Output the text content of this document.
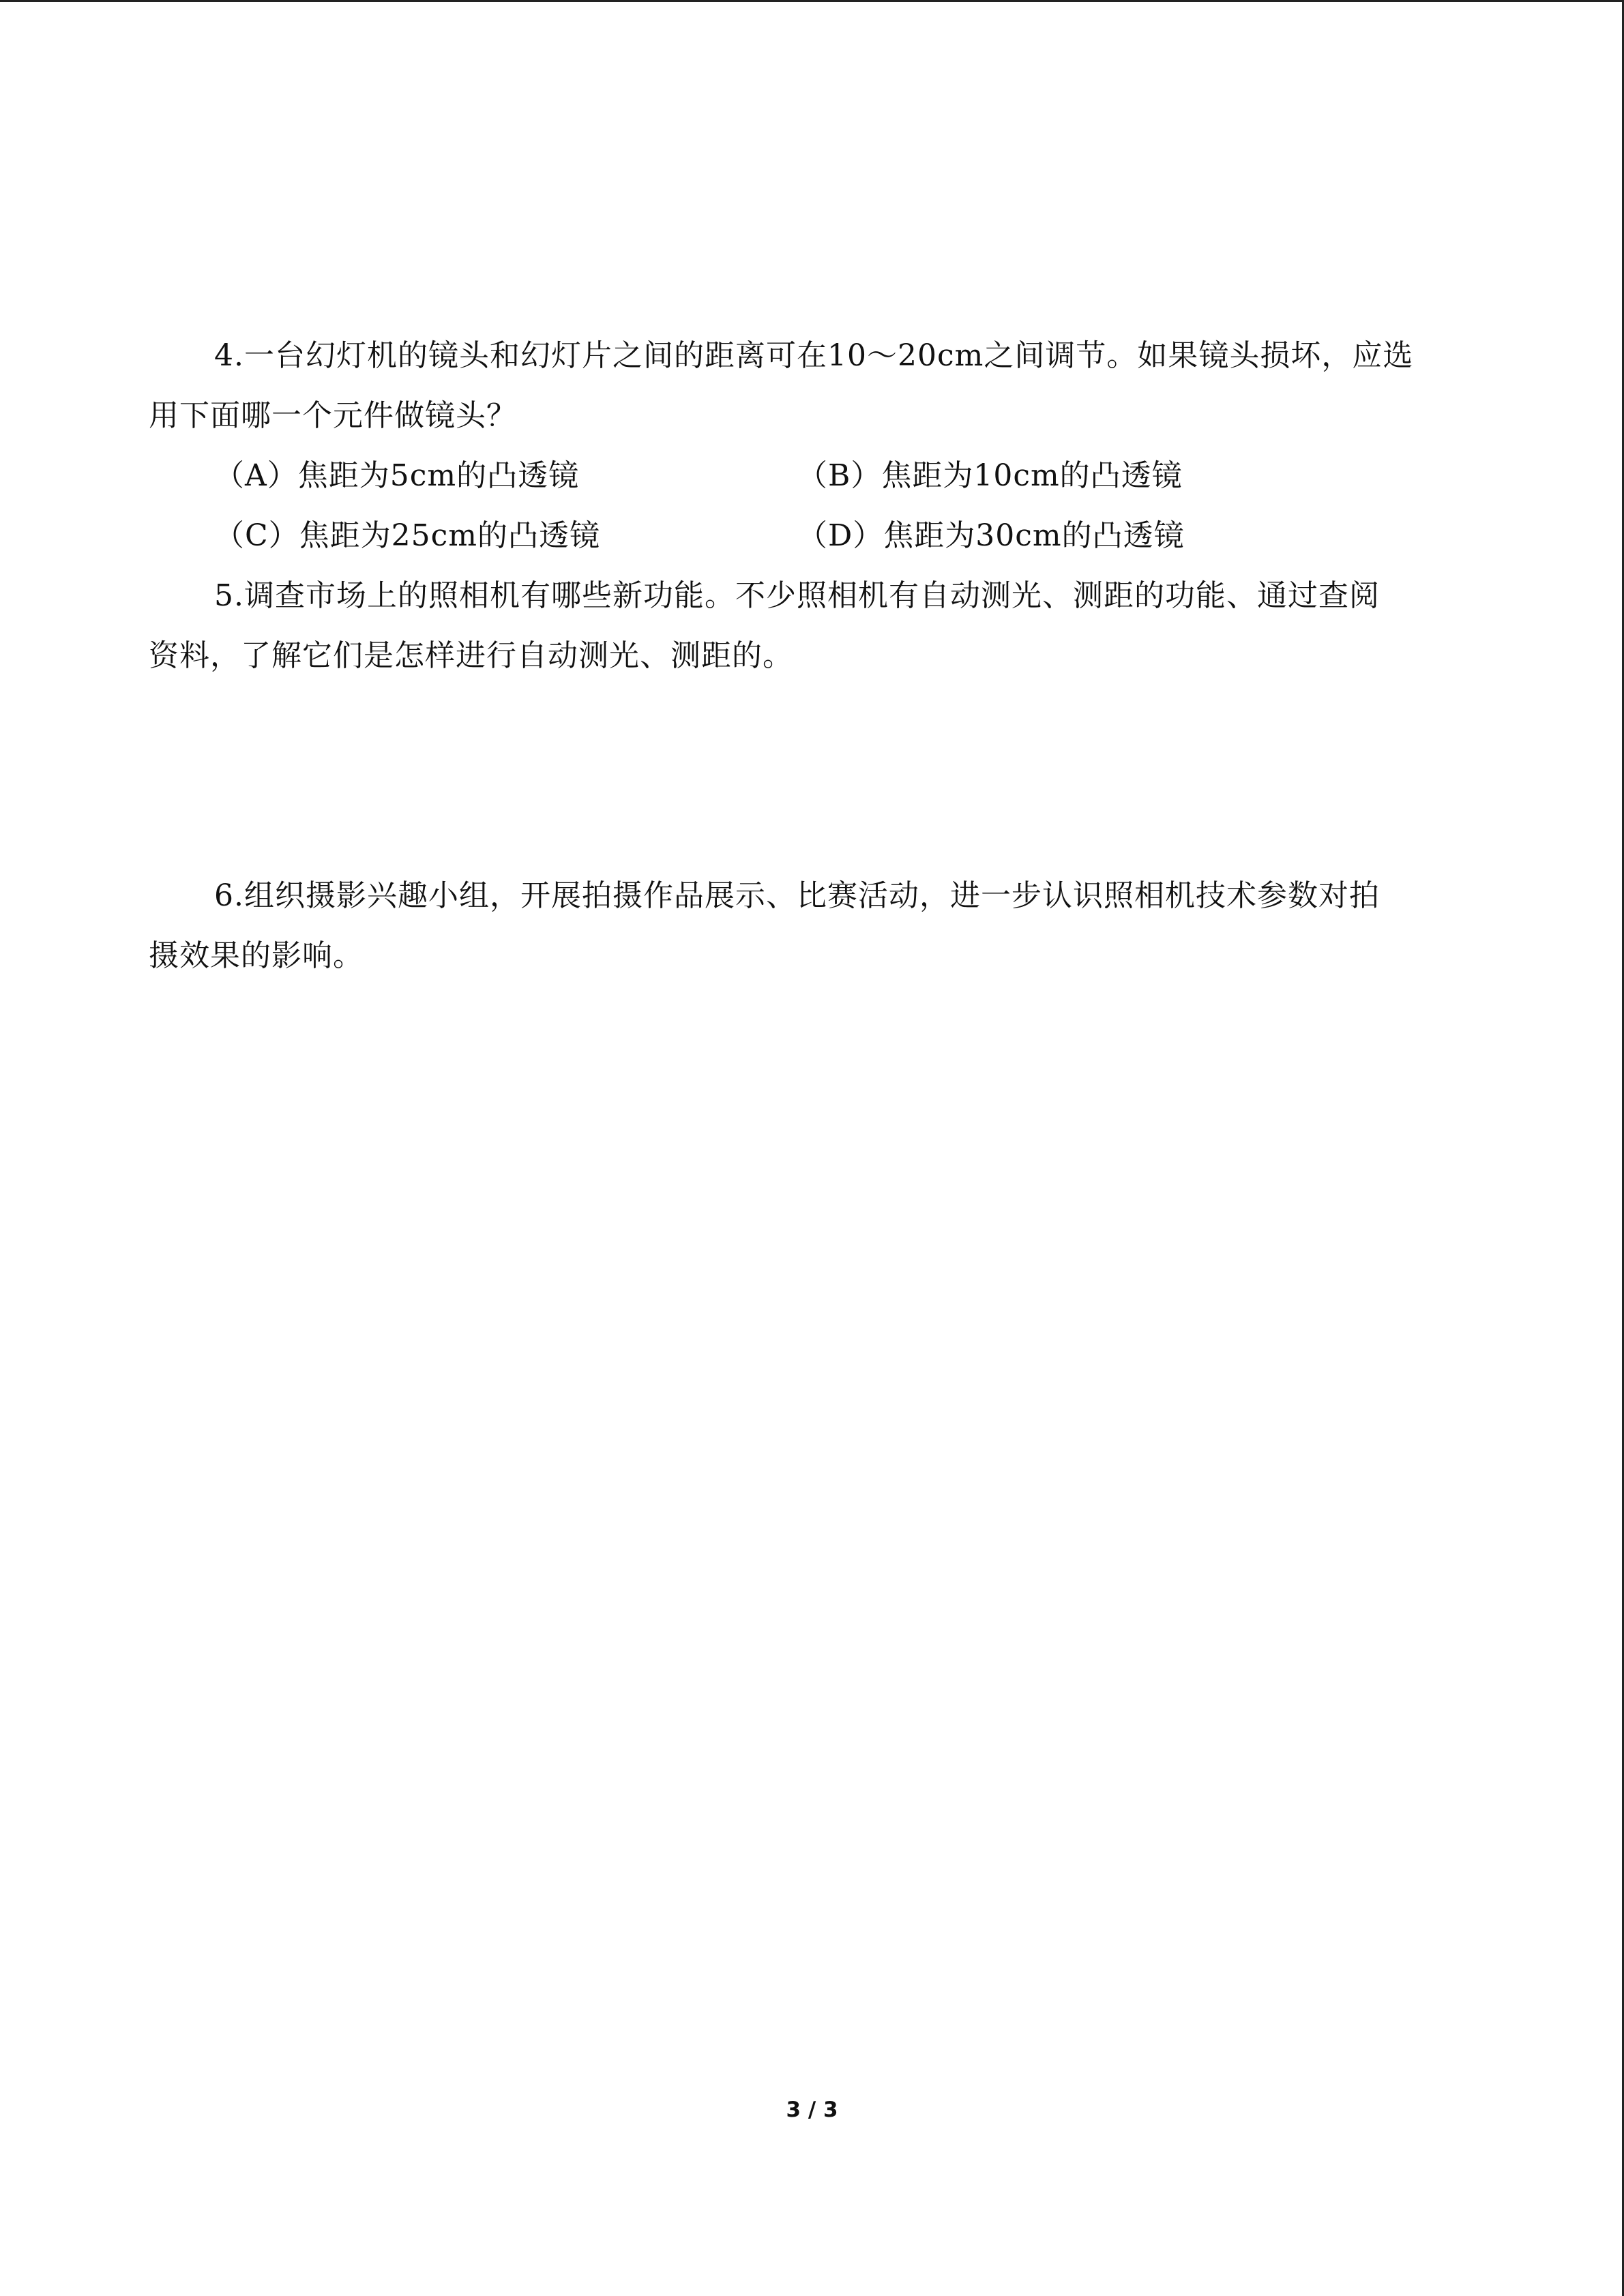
4.一台幻灯机的镜头和幻灯片之间的距离可在10～20cm之间调节。如果镜头损坏，应选

用下面哪一个元件做镜头？

（A）焦距为5cm的凸透镜	（B）焦距为10cm的凸透镜
（C）焦距为25cm的凸透镜	（D）焦距为30cm的凸透镜

5.调查市场上的照相机有哪些新功能。不少照相机有自动测光、测距的功能、通过查阅

资料，了解它们是怎样进行自动测光、测距的。

6.组织摄影兴趣小组，开展拍摄作品展示、比赛活动，进一步认识照相机技术参数对拍

摄效果的影响。

3 / 3
